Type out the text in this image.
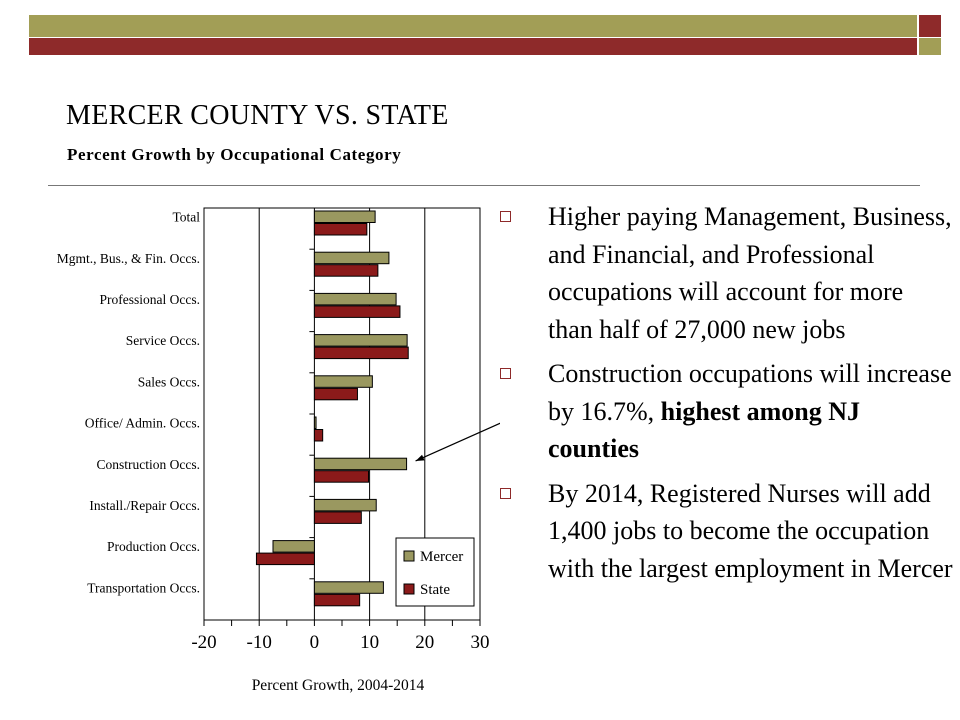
MERCER COUNTY VS. STATE
Percent Growth by Occupational Category
Total
Mgmt., Bus., & Fin. Occs.
Professional Occs.
Service Occs.
Sales Occs.
Office/ Admin. Occs.
Construction Occs.
Install./Repair Occs.
Production Occs.
Transportation Occs.
-20 -10 0 10 20 30
Percent Growth, 2004-2014
Mercer
State
Higher paying Management, Business, and Financial, and Professional occupations will account for more than half of 27,000 new jobs
Construction occupations will increase by 16.7%, highest among NJ counties
By 2014, Registered Nurses will add 1,400 jobs to become the occupation with the largest employment in Mercer
